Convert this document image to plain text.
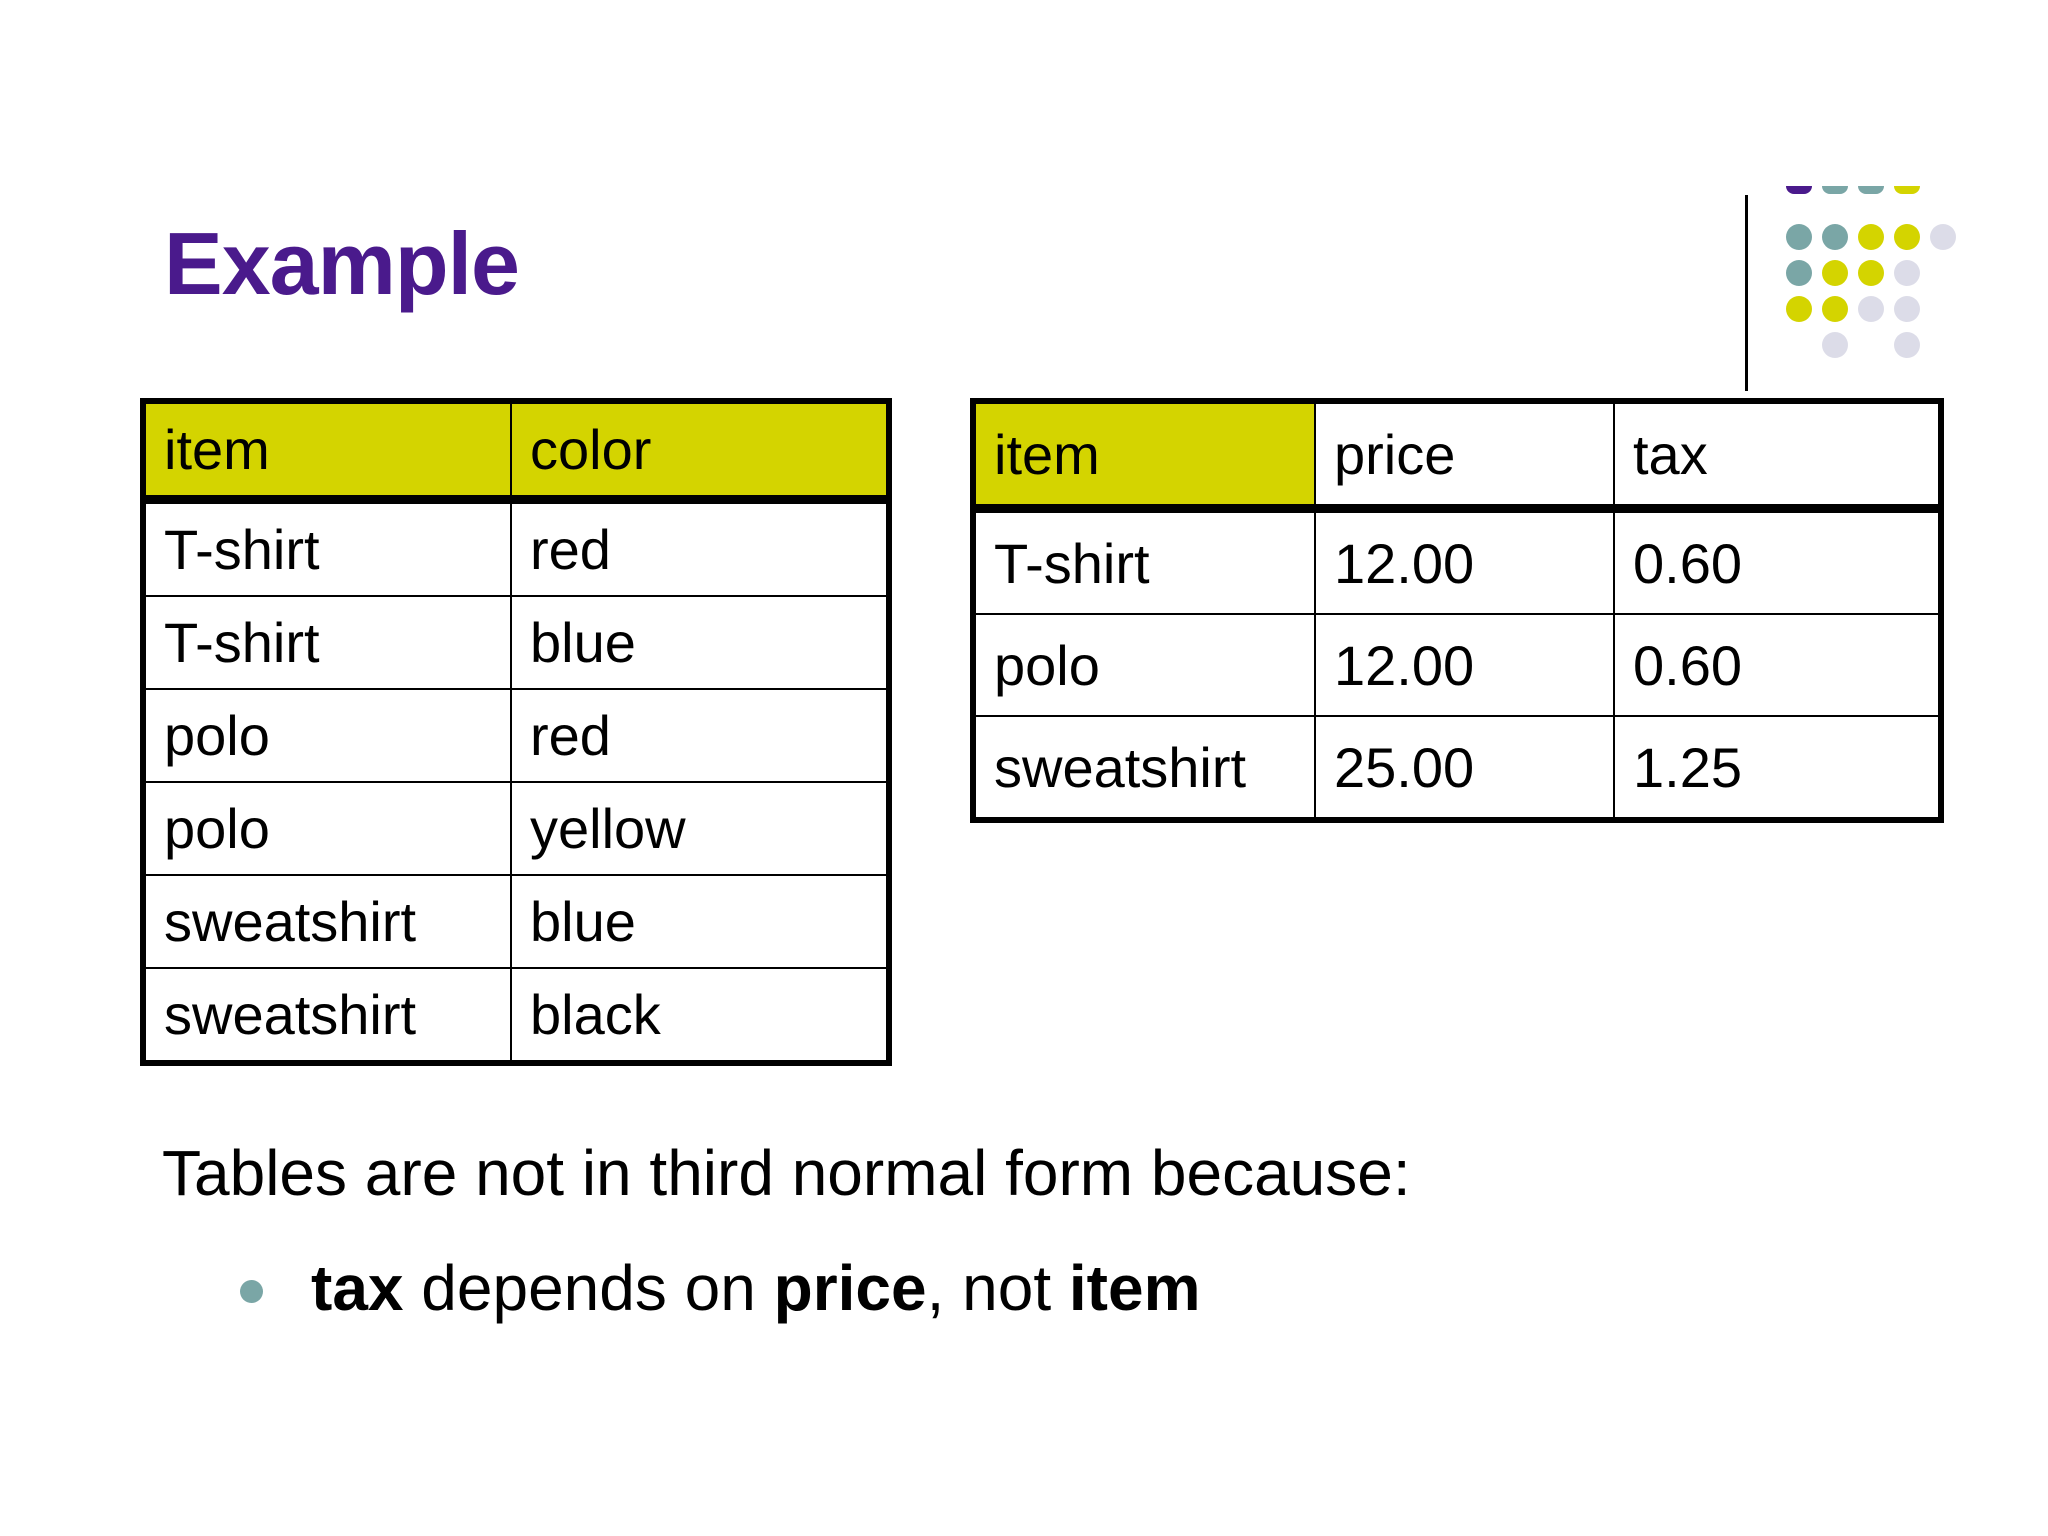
Example
item	color
T-shirt	red
T-shirt	blue
polo	red
polo	yellow
sweatshirt	blue
sweatshirt	black
item	price	tax
T-shirt	12.00	0.60
polo	12.00	0.60
sweatshirt	25.00	1.25

Tables are not in third normal form because:

tax depends on price, not item
